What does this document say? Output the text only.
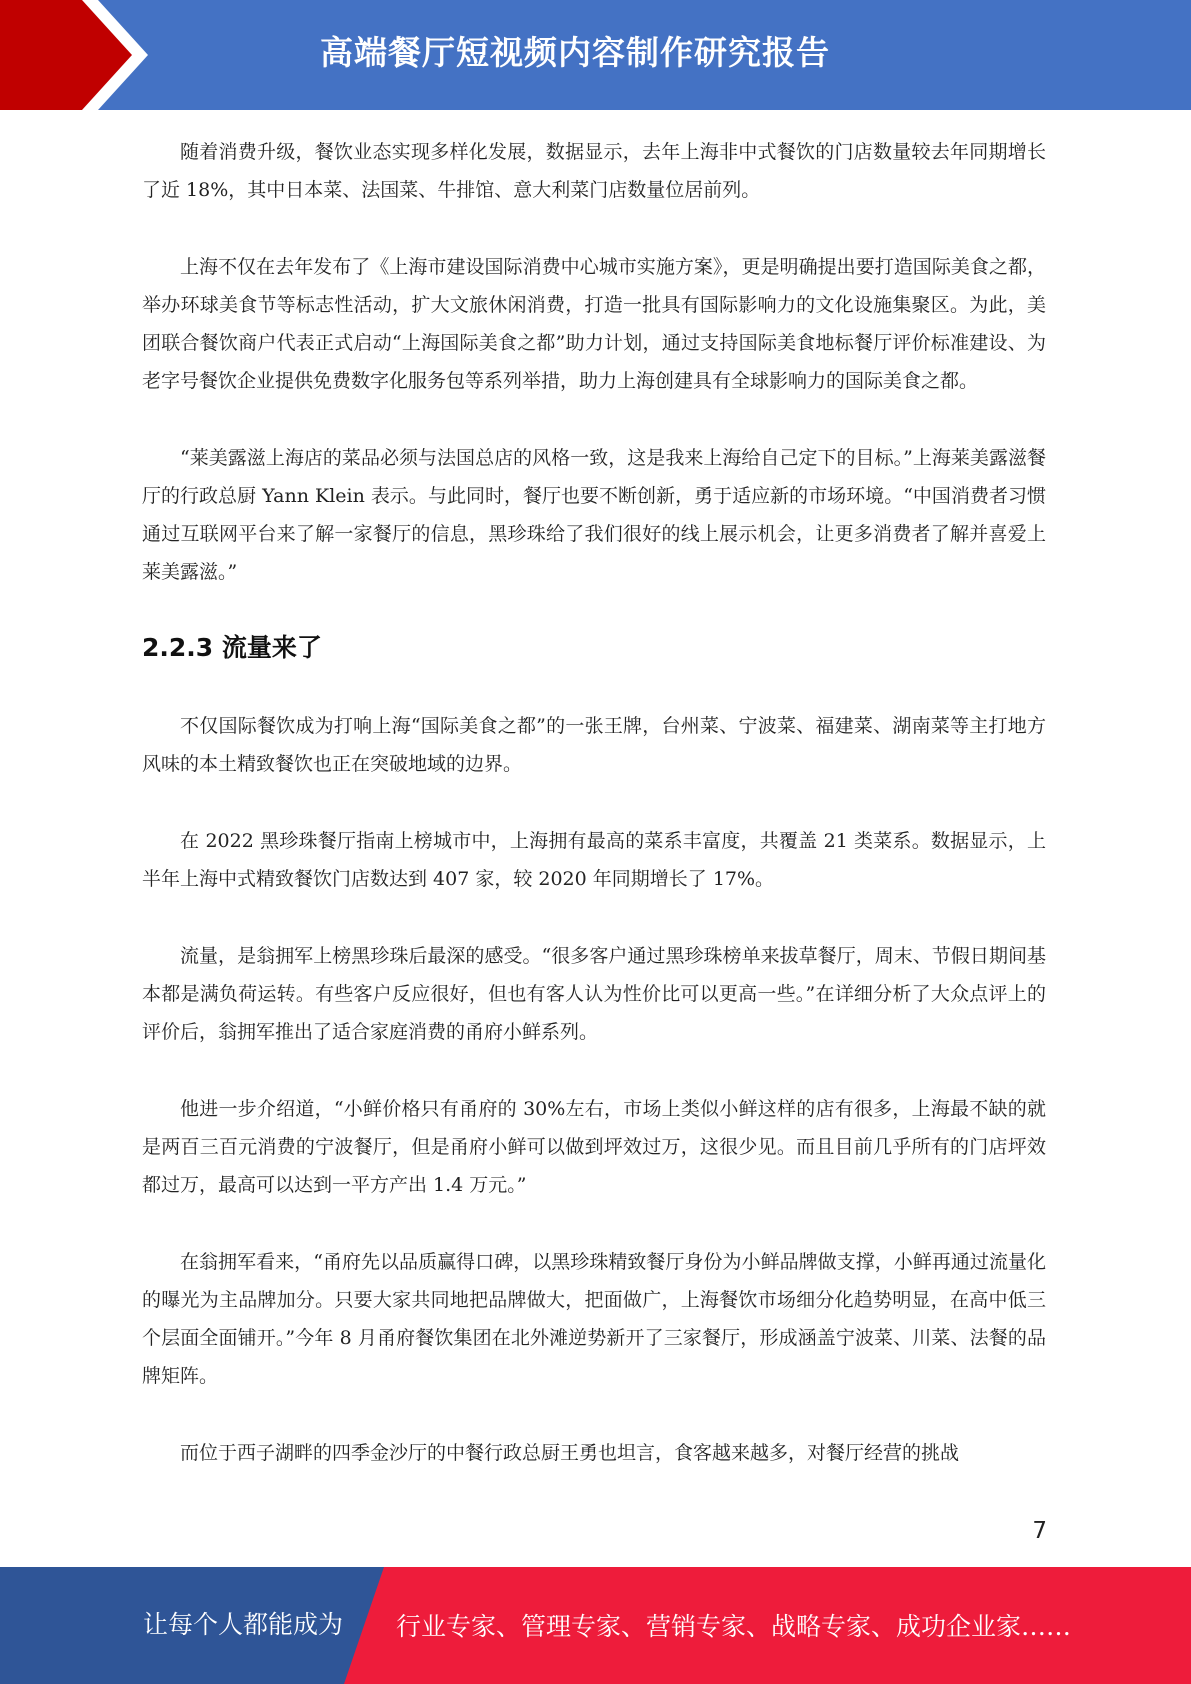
高端餐厅短视频内容制作研究报告

随着消费升级，餐饮业态实现多样化发展，数据显示，去年上海非中式餐饮的门店数量较去年同期增长了近 18%，其中日本菜、法国菜、牛排馆、意大利菜门店数量位居前列。

上海不仅在去年发布了《上海市建设国际消费中心城市实施方案》，更是明确提出要打造国际美食之都，举办环球美食节等标志性活动，扩大文旅休闲消费，打造一批具有国际影响力的文化设施集聚区。为此，美团联合餐饮商户代表正式启动“上海国际美食之都”助力计划，通过支持国际美食地标餐厅评价标准建设、为老字号餐饮企业提供免费数字化服务包等系列举措，助力上海创建具有全球影响力的国际美食之都。

“莱美露滋上海店的菜品必须与法国总店的风格一致，这是我来上海给自己定下的目标。”上海莱美露滋餐厅的行政总厨 Yann Klein 表示。与此同时，餐厅也要不断创新，勇于适应新的市场环境。“中国消费者习惯通过互联网平台来了解一家餐厅的信息，黑珍珠给了我们很好的线上展示机会，让更多消费者了解并喜爱上莱美露滋。”

2.2.3 流量来了

不仅国际餐饮成为打响上海“国际美食之都”的一张王牌，台州菜、宁波菜、福建菜、湖南菜等主打地方风味的本土精致餐饮也正在突破地域的边界。

在 2022 黑珍珠餐厅指南上榜城市中，上海拥有最高的菜系丰富度，共覆盖 21 类菜系。数据显示，上半年上海中式精致餐饮门店数达到 407 家，较 2020 年同期增长了 17%。

流量，是翁拥军上榜黑珍珠后最深的感受。“很多客户通过黑珍珠榜单来拔草餐厅，周末、节假日期间基本都是满负荷运转。有些客户反应很好，但也有客人认为性价比可以更高一些。”在详细分析了大众点评上的评价后，翁拥军推出了适合家庭消费的甬府小鲜系列。

他进一步介绍道，“小鲜价格只有甬府的 30%左右，市场上类似小鲜这样的店有很多，上海最不缺的就是两百三百元消费的宁波餐厅，但是甬府小鲜可以做到坪效过万，这很少见。而且目前几乎所有的门店坪效都过万，最高可以达到一平方产出 1.4 万元。”

在翁拥军看来，“甬府先以品质赢得口碑，以黑珍珠精致餐厅身份为小鲜品牌做支撑，小鲜再通过流量化的曝光为主品牌加分。只要大家共同地把品牌做大，把面做广，上海餐饮市场细分化趋势明显，在高中低三个层面全面铺开。”今年 8 月甬府餐饮集团在北外滩逆势新开了三家餐厅，形成涵盖宁波菜、川菜、法餐的品牌矩阵。

而位于西子湖畔的四季金沙厅的中餐行政总厨王勇也坦言，食客越来越多，对餐厅经营的挑战

7
让每个人都能成为 行业专家、管理专家、营销专家、战略专家、成功企业家……
